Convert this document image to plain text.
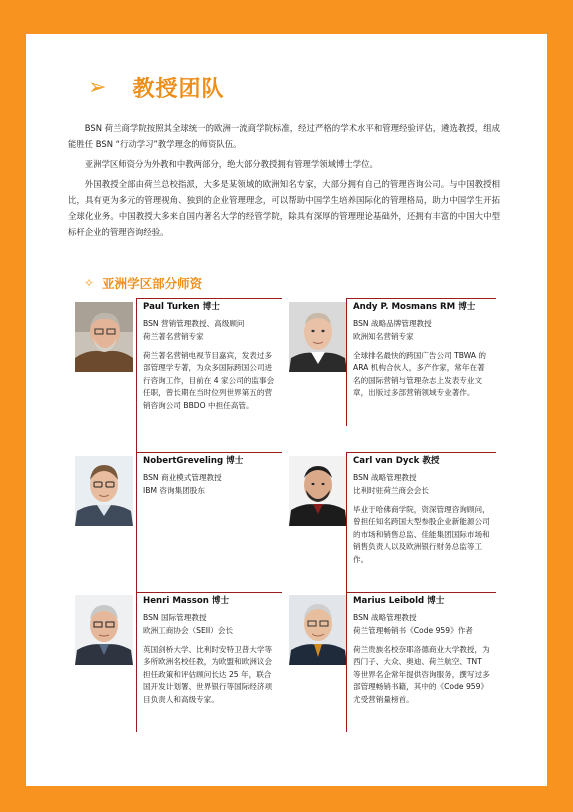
➢ 教授团队

BSN 荷兰商学院按照其全球统一的欧洲一流商学院标准，经过严格的学术水平和管理经验评估，遴选教授，组成能胜任 BSN “行动学习”教学理念的师资队伍。

亚洲学区师资分为外教和中教两部分，绝大部分教授拥有管理学领域博士学位。

外国教授全部由荷兰总校指派，大多是某领域的欧洲知名专家，大部分拥有自己的管理咨询公司。与中国教授相比，具有更为多元的管理视角、独到的企业管理理念，可以帮助中国学生培养国际化的管理格局，助力中国学生开拓全球化业务。中国教授大多来自国内著名大学的经管学院，除具有深厚的管理理论基础外，还拥有丰富的中国大中型标杆企业的管理咨询经验。

✧ 亚洲学区部分师资
Paul Turken 博士
BSN 营销管理教授、高级顾问
荷兰著名营销专家
荷兰著名营销电视节目嘉宾，发表过多部管理学专著，为众多国际跨国公司进行咨询工作，目前在 4 家公司的监事会任职，曾长期在当时位列世界第五的营销咨询公司 BBDO 中担任高管。
Andy P. Mosmans RM 博士
BSN 战略品牌管理教授
欧洲知名营销专家
全球排名最快的跨国广告公司 TBWA 的 ARA 机构合伙人，多产作家，常年在著名的国际营销与管理杂志上发表专业文章，出版过多部营销领域专业著作。
NobertGreveling 博士
BSN 商业模式管理教授
IBM 咨询集团股东
Carl van Dyck 教授
BSN 战略管理教授
比利时驻荷兰商会会长
毕业于哈佛商学院，资深管理咨询顾问，曾担任知名跨国大型参股企业新能源公司的市场和销售总监、佳能集团国际市场和销售负责人以及欧洲银行财务总监等工作。
Henri Masson 博士
BSN 国际管理教授
欧洲工商协会（SEII）会长
英国剑桥大学、比利时安特卫普大学等多所欧洲名校任教，为欧盟和欧洲议会担任政策和评估顾问长达 25 年，联合国开发计划署、世界银行等国际经济项目负责人和高级专家。
Marius Leibold 博士
BSN 战略管理教授
荷兰管理畅销书《Code 959》作者
荷兰贵族名校奈耶洛德商业大学教授，为西门子、大众、奥迪、荷兰航空、TNT 等世界名企常年提供咨询服务，撰写过多部管理畅销书籍，其中的《Code 959》尤受营销量榜首。
